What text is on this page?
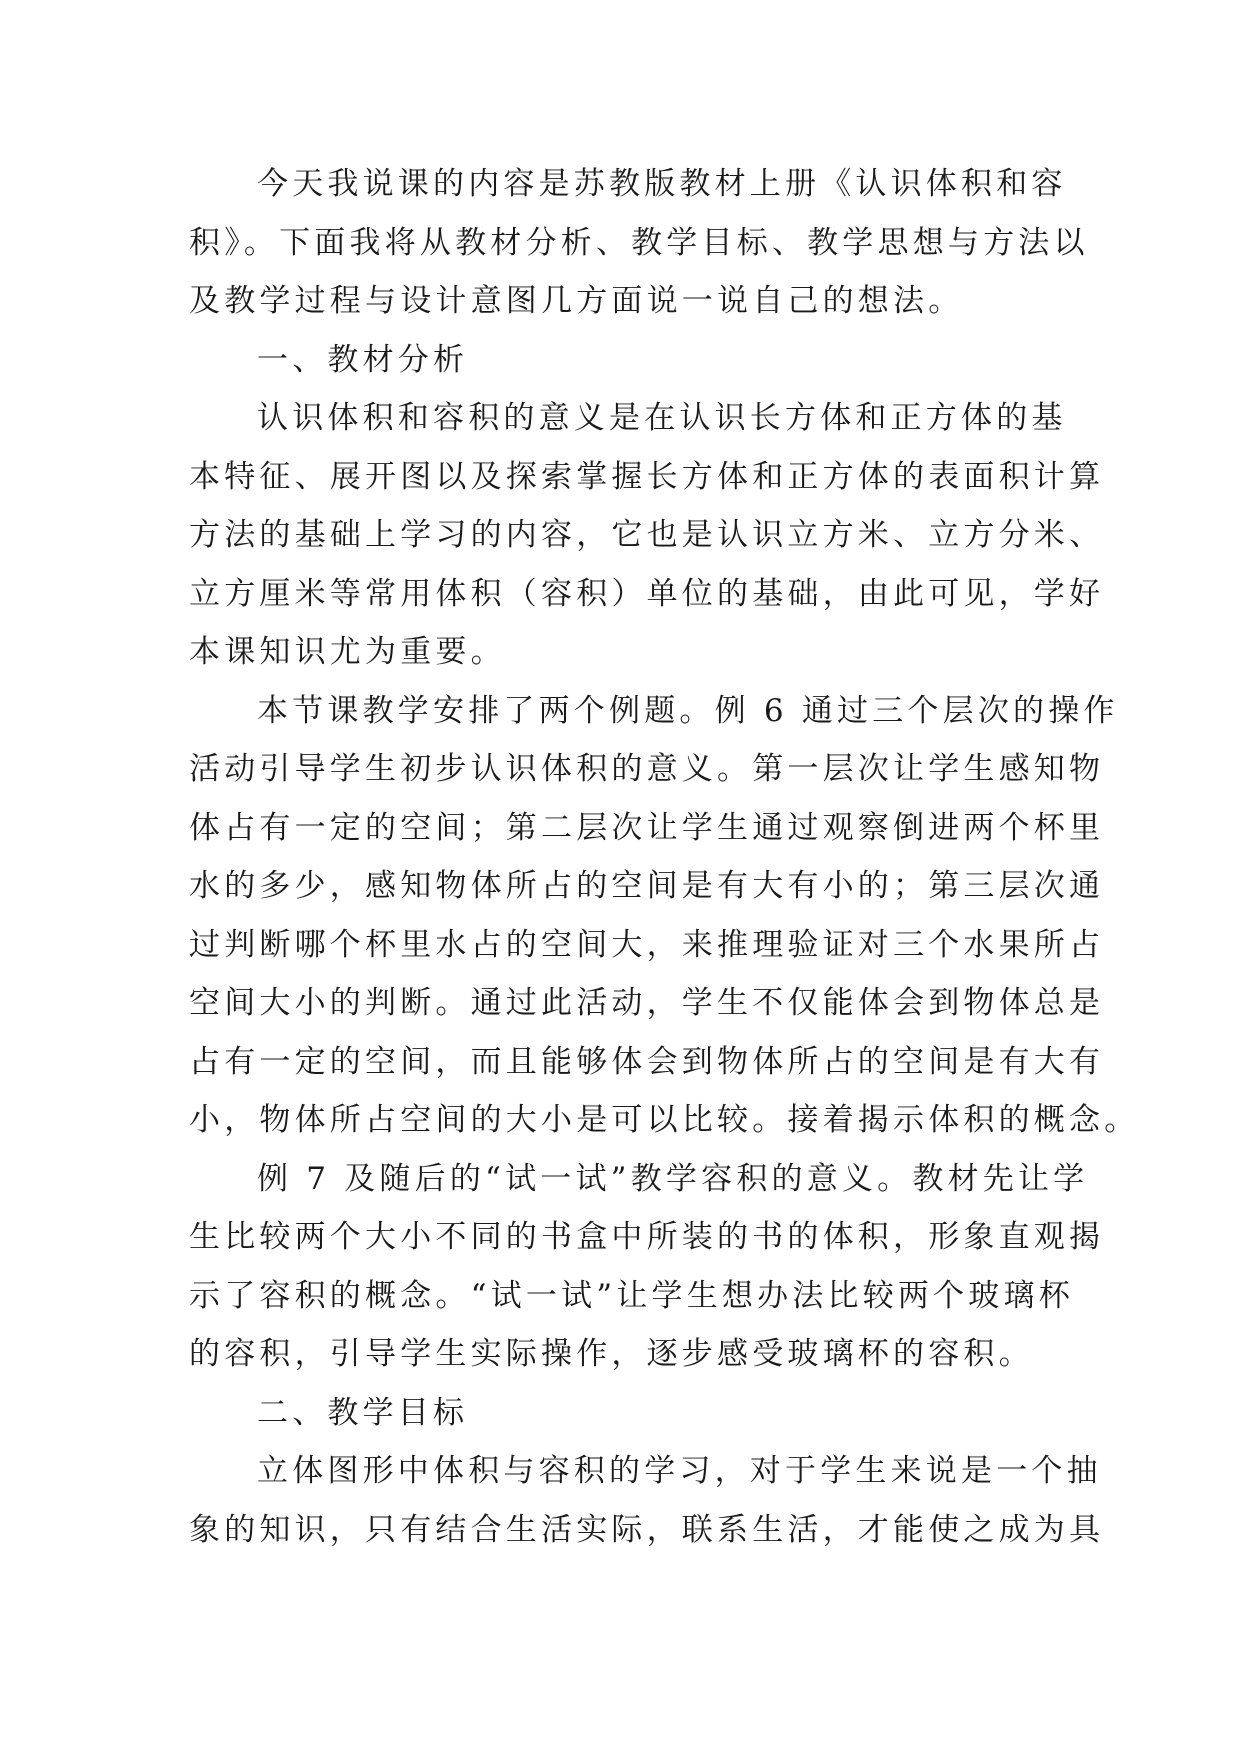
今天我说课的内容是苏教版教材上册《认识体积和容

积》。下面我将从教材分析、教学目标、教学思想与方法以

及教学过程与设计意图几方面说一说自己的想法。

一、教材分析

认识体积和容积的意义是在认识长方体和正方体的基

本特征、展开图以及探索掌握长方体和正方体的表面积计算

方法的基础上学习的内容，它也是认识立方米、立方分米、

立方厘米等常用体积（容积）单位的基础，由此可见，学好

本课知识尤为重要。

本节课教学安排了两个例题。例 6 通过三个层次的操作

活动引导学生初步认识体积的意义。第一层次让学生感知物

体占有一定的空间；第二层次让学生通过观察倒进两个杯里

水的多少，感知物体所占的空间是有大有小的；第三层次通

过判断哪个杯里水占的空间大，来推理验证对三个水果所占

空间大小的判断。通过此活动，学生不仅能体会到物体总是

占有一定的空间，而且能够体会到物体所占的空间是有大有

小，物体所占空间的大小是可以比较。接着揭示体积的概念。

例 7 及随后的“试一试”教学容积的意义。教材先让学

生比较两个大小不同的书盒中所装的书的体积，形象直观揭

示了容积的概念。“试一试”让学生想办法比较两个玻璃杯

的容积，引导学生实际操作，逐步感受玻璃杯的容积。

二、教学目标

立体图形中体积与容积的学习，对于学生来说是一个抽

象的知识，只有结合生活实际，联系生活，才能使之成为具
